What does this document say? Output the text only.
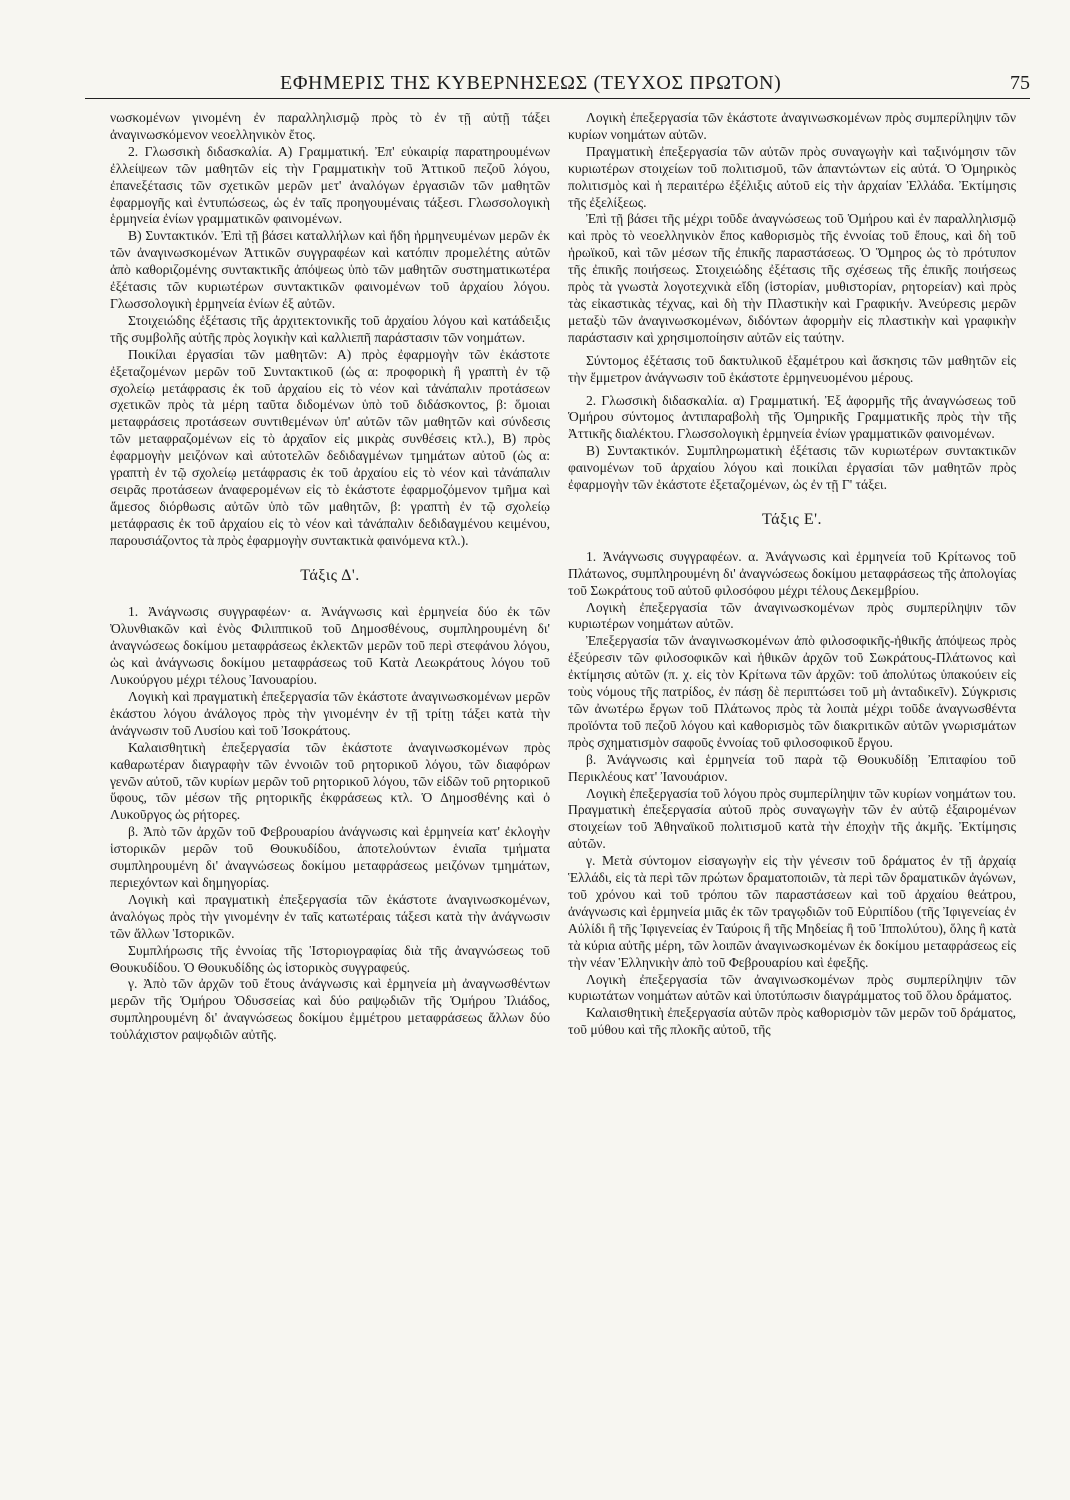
ΕΦΗΜΕΡΙΣ ΤΗΣ ΚΥΒΕΡΝΗΣΕΩΣ (ΤΕΥΧΟΣ ΠΡΩΤΟΝ)	75

νωσκομένων γινομένη ἐν παραλληλισμῷ πρὸς τὸ ἐν τῇ αὐτῇ τάξει ἀναγινωσκόμενον νεοελληνικὸν ἔτος.

2. Γλωσσικὴ διδασκαλία. Α) Γραμματική. Ἐπ' εὐκαιρίᾳ παρατηρουμένων ἐλλείψεων τῶν μαθητῶν εἰς τὴν Γραμματικὴν τοῦ Ἀττικοῦ πεζοῦ λόγου, ἐπανεξέτασις τῶν σχετικῶν μερῶν μετ' ἀναλόγων ἐργασιῶν τῶν μαθητῶν ἐφαρμογῆς καὶ ἐντυπώσεως, ὡς ἐν ταῖς προηγουμέναις τάξεσι. Γλωσσολογικὴ ἑρμηνεία ἐνίων γραμματικῶν φαινομένων.

Β) Συντακτικόν. Ἐπὶ τῇ βάσει καταλλήλων καὶ ἤδη ἡρμηνευμένων μερῶν ἐκ τῶν ἀναγινωσκομένων Ἀττικῶν συγγραφέων καὶ κατόπιν προμελέτης αὐτῶν ἀπὸ καθοριζομένης συντακτικῆς ἀπόψεως ὑπὸ τῶν μαθητῶν συστηματικωτέρα ἐξέτασις τῶν κυριωτέρων συντακτικῶν φαινομένων τοῦ ἀρχαίου λόγου. Γλωσσολογικὴ ἑρμηνεία ἐνίων ἐξ αὐτῶν.

Στοιχειώδης ἐξέτασις τῆς ἀρχιτεκτονικῆς τοῦ ἀρχαίου λόγου καὶ κατάδειξις τῆς συμβολῆς αὐτῆς πρὸς λογικὴν καὶ καλλιεπῆ παράστασιν τῶν νοημάτων.

Ποικίλαι ἐργασίαι τῶν μαθητῶν: Α) πρὸς ἐφαρμογὴν τῶν ἑκάστοτε ἐξεταζομένων μερῶν τοῦ Συντακτικοῦ (ὡς α: προφορικὴ ἢ γραπτὴ ἐν τῷ σχολείῳ μετάφρασις ἐκ τοῦ ἀρχαίου εἰς τὸ νέον καὶ τἀνάπαλιν προτάσεων σχετικῶν πρὸς τὰ μέρη ταῦτα διδομένων ὑπὸ τοῦ διδάσκοντος, β: ὅμοιαι μεταφράσεις προτάσεων συντιθεμένων ὑπ' αὐτῶν τῶν μαθητῶν καὶ σύνδεσις τῶν μεταφραζομένων εἰς τὸ ἀρχαῖον εἰς μικρὰς συνθέσεις κτλ.), Β) πρὸς ἐφαρμογὴν μειζόνων καὶ αὐτοτελῶν δεδιδαγμένων τμημάτων αὐτοῦ (ὡς α: γραπτὴ ἐν τῷ σχολείῳ μετάφρασις ἐκ τοῦ ἀρχαίου εἰς τὸ νέον καὶ τἀνάπαλιν σειρᾶς προτάσεων ἀναφερομένων εἰς τὸ ἑκάστοτε ἐφαρμοζόμενον τμῆμα καὶ ἄμεσος διόρθωσις αὐτῶν ὑπὸ τῶν μαθητῶν, β: γραπτὴ ἐν τῷ σχολείῳ μετάφρασις ἐκ τοῦ ἀρχαίου εἰς τὸ νέον καὶ τἀνάπαλιν δεδιδαγμένου κειμένου, παρουσιάζοντος τὰ πρὸς ἐφαρμογὴν συντακτικὰ φαινόμενα κτλ.).

Τάξις Δ'.

1. Ἀνάγνωσις συγγραφέων· α. Ἀνάγνωσις καὶ ἑρμηνεία δύο ἐκ τῶν Ὀλυνθιακῶν καὶ ἑνὸς Φιλιππικοῦ τοῦ Δημοσθένους, συμπληρουμένη δι' ἀναγνώσεως δοκίμου μεταφράσεως ἐκλεκτῶν μερῶν τοῦ περὶ στεφάνου λόγου, ὡς καὶ ἀνάγνωσις δοκίμου μεταφράσεως τοῦ Κατὰ Λεωκράτους λόγου τοῦ Λυκούργου μέχρι τέλους Ἰανουαρίου.

Λογικὴ καὶ πραγματικὴ ἐπεξεργασία τῶν ἑκάστοτε ἀναγινωσκομένων μερῶν ἑκάστου λόγου ἀνάλογος πρὸς τὴν γινομένην ἐν τῇ τρίτῃ τάξει κατὰ τὴν ἀνάγνωσιν τοῦ Λυσίου καὶ τοῦ Ἰσοκράτους.

Καλαισθητικὴ ἐπεξεργασία τῶν ἑκάστοτε ἀναγινωσκομένων πρὸς καθαρωτέραν διαγραφὴν τῶν ἐννοιῶν τοῦ ρητορικοῦ λόγου, τῶν διαφόρων γενῶν αὐτοῦ, τῶν κυρίων μερῶν τοῦ ρητορικοῦ λόγου, τῶν εἰδῶν τοῦ ρητορικοῦ ὕφους, τῶν μέσων τῆς ρητορικῆς ἐκφράσεως κτλ. Ὁ Δημοσθένης καὶ ὁ Λυκοῦργος ὡς ρήτορες.

β. Ἀπὸ τῶν ἀρχῶν τοῦ Φεβρουαρίου ἀνάγνωσις καὶ ἑρμηνεία κατ' ἐκλογὴν ἱστορικῶν μερῶν τοῦ Θουκυδίδου, ἀποτελούντων ἑνιαῖα τμήματα συμπληρουμένη δι' ἀναγνώσεως δοκίμου μεταφράσεως μειζόνων τμημάτων, περιεχόντων καὶ δημηγορίας.

Λογικὴ καὶ πραγματικὴ ἐπεξεργασία τῶν ἑκάστοτε ἀναγινωσκομένων, ἀναλόγως πρὸς τὴν γινομένην ἐν ταῖς κατωτέραις τάξεσι κατὰ τὴν ἀνάγνωσιν τῶν ἄλλων Ἱστορικῶν.

Συμπλήρωσις τῆς ἐννοίας τῆς Ἱστοριογραφίας διὰ τῆς ἀναγνώσεως τοῦ Θουκυδίδου. Ὁ Θουκυδίδης ὡς ἱστορικὸς συγγραφεύς.

γ. Ἀπὸ τῶν ἀρχῶν τοῦ ἔτους ἀνάγνωσις καὶ ἑρμηνεία μὴ ἀναγνωσθέντων μερῶν τῆς Ὁμήρου Ὀδυσσείας καὶ δύο ραψῳδιῶν τῆς Ὁμήρου Ἰλιάδος, συμπληρουμένη δι' ἀναγνώσεως δοκίμου ἐμμέτρου μεταφράσεως ἄλλων δύο τοὐλάχιστον ραψῳδιῶν αὐτῆς.

Λογικὴ ἐπεξεργασία τῶν ἑκάστοτε ἀναγινωσκομένων πρὸς συμπερίληψιν τῶν κυρίων νοημάτων αὐτῶν.

Πραγματικὴ ἐπεξεργασία τῶν αὐτῶν πρὸς συναγωγὴν καὶ ταξινόμησιν τῶν κυριωτέρων στοιχείων τοῦ πολιτισμοῦ, τῶν ἀπαντώντων εἰς αὐτά. Ὁ Ὁμηρικὸς πολιτισμὸς καὶ ἡ περαιτέρω ἐξέλιξις αὐτοῦ εἰς τὴν ἀρχαίαν Ἑλλάδα. Ἐκτίμησις τῆς ἐξελίξεως.

Ἐπὶ τῇ βάσει τῆς μέχρι τοῦδε ἀναγνώσεως τοῦ Ὁμήρου καὶ ἐν παραλληλισμῷ καὶ πρὸς τὸ νεοελληνικὸν ἔπος καθορισμὸς τῆς ἐννοίας τοῦ ἔπους, καὶ δὴ τοῦ ἡρωϊκοῦ, καὶ τῶν μέσων τῆς ἐπικῆς παραστάσεως. Ὁ Ὅμηρος ὡς τὸ πρότυπον τῆς ἐπικῆς ποιήσεως. Στοιχειώδης ἐξέτασις τῆς σχέσεως τῆς ἐπικῆς ποιήσεως πρὸς τὰ γνωστὰ λογοτεχνικὰ εἴδη (ἱστορίαν, μυθιστορίαν, ρητορείαν) καὶ πρὸς τὰς εἰκαστικὰς τέχνας, καὶ δὴ τὴν Πλαστικὴν καὶ Γραφικήν. Ἀνεύρεσις μερῶν μεταξὺ τῶν ἀναγινωσκομένων, διδόντων ἀφορμὴν εἰς πλαστικὴν καὶ γραφικὴν παράστασιν καὶ χρησιμοποίησιν αὐτῶν εἰς ταύτην.

Σύντομος ἐξέτασις τοῦ δακτυλικοῦ ἑξαμέτρου καὶ ἄσκησις τῶν μαθητῶν εἰς τὴν ἔμμετρον ἀνάγνωσιν τοῦ ἑκάστοτε ἑρμηνευομένου μέρους.

2. Γλωσσικὴ διδασκαλία. α) Γραμματική. Ἐξ ἀφορμῆς τῆς ἀναγνώσεως τοῦ Ὁμήρου σύντομος ἀντιπαραβολὴ τῆς Ὁμηρικῆς Γραμματικῆς πρὸς τὴν τῆς Ἀττικῆς διαλέκτου. Γλωσσολογικὴ ἑρμηνεία ἐνίων γραμματικῶν φαινομένων.

Β) Συντακτικόν. Συμπληρωματικὴ ἐξέτασις τῶν κυριωτέρων συντακτικῶν φαινομένων τοῦ ἀρχαίου λόγου καὶ ποικίλαι ἐργασίαι τῶν μαθητῶν πρὸς ἐφαρμογὴν τῶν ἑκάστοτε ἐξεταζομένων, ὡς ἐν τῇ Γ' τάξει.

Τάξις Ε'.

1. Ἀνάγνωσις συγγραφέων. α. Ἀνάγνωσις καὶ ἑρμηνεία τοῦ Κρίτωνος τοῦ Πλάτωνος, συμπληρουμένη δι' ἀναγνώσεως δοκίμου μεταφράσεως τῆς ἀπολογίας τοῦ Σωκράτους τοῦ αὐτοῦ φιλοσόφου μέχρι τέλους Δεκεμβρίου.

Λογικὴ ἐπεξεργασία τῶν ἀναγινωσκομένων πρὸς συμπερίληψιν τῶν κυριωτέρων νοημάτων αὐτῶν.

Ἐπεξεργασία τῶν ἀναγινωσκομένων ἀπὸ φιλοσοφικῆς-ἠθικῆς ἀπόψεως πρὸς ἐξεύρεσιν τῶν φιλοσοφικῶν καὶ ἠθικῶν ἀρχῶν τοῦ Σωκράτους-Πλάτωνος καὶ ἐκτίμησις αὐτῶν (π. χ. εἰς τὸν Κρίτωνα τῶν ἀρχῶν: τοῦ ἀπολύτως ὑπακούειν εἰς τοὺς νόμους τῆς πατρίδος, ἐν πάσῃ δὲ περιπτώσει τοῦ μὴ ἀνταδικεῖν). Σύγκρισις τῶν ἀνωτέρω ἔργων τοῦ Πλάτωνος πρὸς τὰ λοιπὰ μέχρι τοῦδε ἀναγνωσθέντα προϊόντα τοῦ πεζοῦ λόγου καὶ καθορισμὸς τῶν διακριτικῶν αὐτῶν γνωρισμάτων πρὸς σχηματισμὸν σαφοῦς ἐννοίας τοῦ φιλοσοφικοῦ ἔργου.

β. Ἀνάγνωσις καὶ ἑρμηνεία τοῦ παρὰ τῷ Θουκυδίδῃ Ἐπιταφίου τοῦ Περικλέους κατ' Ἰανουάριον.

Λογικὴ ἐπεξεργασία τοῦ λόγου πρὸς συμπερίληψιν τῶν κυρίων νοημάτων του. Πραγματικὴ ἐπεξεργασία αὐτοῦ πρὸς συναγωγὴν τῶν ἐν αὐτῷ ἐξαιρομένων στοιχείων τοῦ Ἀθηναϊκοῦ πολιτισμοῦ κατὰ τὴν ἐποχὴν τῆς ἀκμῆς. Ἐκτίμησις αὐτῶν.

γ. Μετὰ σύντομον εἰσαγωγὴν εἰς τὴν γένεσιν τοῦ δράματος ἐν τῇ ἀρχαίᾳ Ἑλλάδι, εἰς τὰ περὶ τῶν πρώτων δραματοποιῶν, τὰ περὶ τῶν δραματικῶν ἀγώνων, τοῦ χρόνου καὶ τοῦ τρόπου τῶν παραστάσεων καὶ τοῦ ἀρχαίου θεάτρου, ἀνάγνωσις καὶ ἑρμηνεία μιᾶς ἐκ τῶν τραγῳδιῶν τοῦ Εὐριπίδου (τῆς Ἰφιγενείας ἐν Αὐλίδι ἢ τῆς Ἰφιγενείας ἐν Ταύροις ἢ τῆς Μηδείας ἢ τοῦ Ἱππολύτου), ὅλης ἢ κατὰ τὰ κύρια αὐτῆς μέρη, τῶν λοιπῶν ἀναγινωσκομένων ἐκ δοκίμου μεταφράσεως εἰς τὴν νέαν Ἑλληνικὴν ἀπὸ τοῦ Φεβρουαρίου καὶ ἐφεξῆς.

Λογικὴ ἐπεξεργασία τῶν ἀναγινωσκομένων πρὸς συμπερίληψιν τῶν κυριωτάτων νοημάτων αὐτῶν καὶ ὑποτύπωσιν διαγράμματος τοῦ ὅλου δράματος.

Καλαισθητικὴ ἐπεξεργασία αὐτῶν πρὸς καθορισμὸν τῶν μερῶν τοῦ δράματος, τοῦ μύθου καὶ τῆς πλοκῆς αὐτοῦ, τῆς
